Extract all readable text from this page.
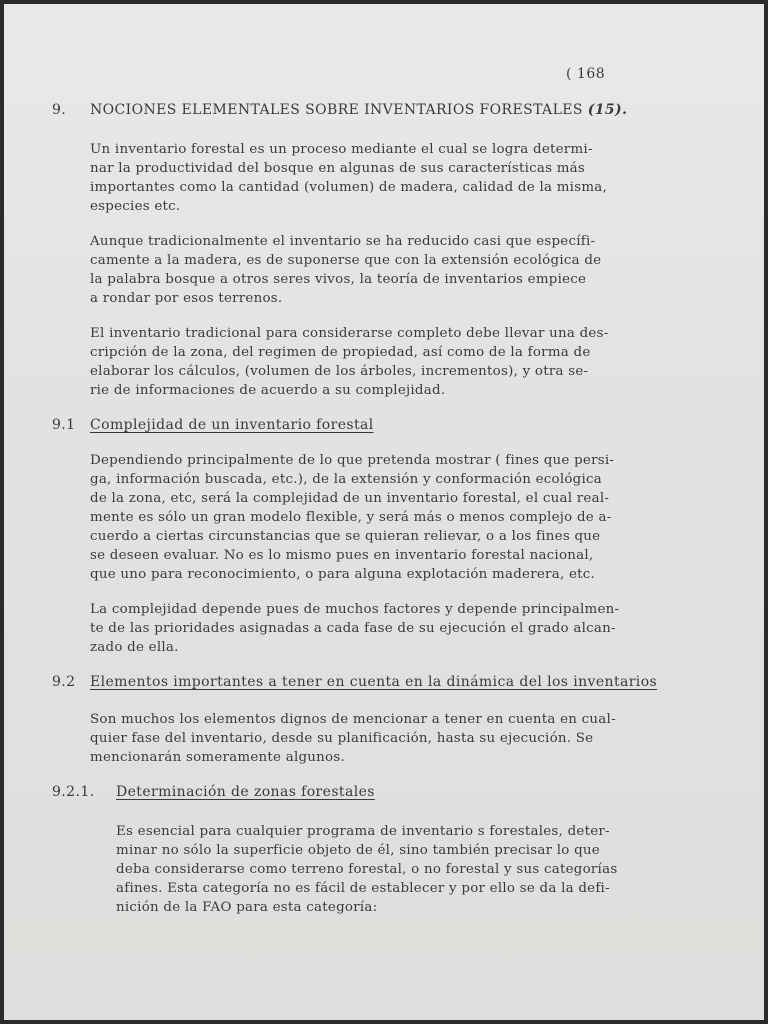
( 168
9. NOCIONES ELEMENTALES SOBRE INVENTARIOS FORESTALES (15).

Un inventario forestal es un proceso mediante el cual se logra determi-
nar la productividad del bosque en algunas de sus características más
importantes como la cantidad (volumen) de madera, calidad de la misma,
especies etc.

Aunque tradicionalmente el inventario se ha reducido casi que específi-
camente a la madera, es de suponerse que con la extensión ecológica de
la palabra bosque a otros seres vivos, la teoría de inventarios empiece
a rondar por esos terrenos.

El inventario tradicional para considerarse completo debe llevar una des-
cripción de la zona, del regimen de propiedad, así como de la forma de
elaborar los cálculos, (volumen de los árboles, incrementos), y otra se-
rie de informaciones de acuerdo a su complejidad.

9.1 Complejidad de un inventario forestal

Dependiendo principalmente de lo que pretenda mostrar ( fines que persi-
ga, información buscada, etc.), de la extensión y conformación ecológica
de la zona, etc, será la complejidad de un inventario forestal, el cual real-
mente es sólo un gran modelo flexible, y será más o menos complejo de a-
cuerdo a ciertas circunstancias que se quieran relievar, o a los fines que
se deseen evaluar. No es lo mismo pues en inventario forestal nacional,
que uno para reconocimiento, o para alguna explotación maderera, etc.

La complejidad depende pues de muchos factores y depende principalmen-
te de las prioridades asignadas a cada fase de su ejecución el grado alcan-
zado de ella.

9.2 Elementos importantes a tener en cuenta en la dinámica del los inventarios

Son muchos los elementos dignos de mencionar a tener en cuenta en cual-
quier fase del inventario, desde su planificación, hasta su ejecución. Se
mencionarán someramente algunos.

9.2.1. Determinación de zonas forestales

Es esencial para cualquier programa de inventario s forestales, deter-
minar no sólo la superficie objeto de él, sino también precisar lo que
deba considerarse como terreno forestal, o no forestal y sus categorías
afines. Esta categoría no es fácil de establecer y por ello se da la defi-
nición de la FAO para esta categoría:
